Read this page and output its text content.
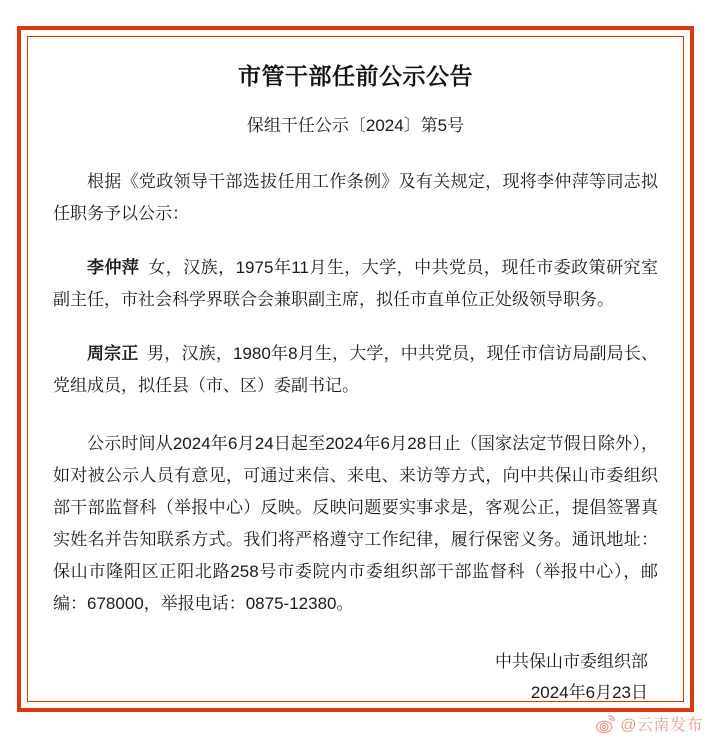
市管干部任前公示公告
保组干任公示〔2024〕第5号

根据《党政领导干部选拔任用工作条例》及有关规定，现将李仲萍等同志拟任职务予以公示：

李仲萍 女，汉族，1975年11月生，大学，中共党员，现任市委政策研究室副主任，市社会科学界联合会兼职副主席，拟任市直单位正处级领导职务。

周宗正 男，汉族，1980年8月生，大学，中共党员，现任市信访局副局长、党组成员，拟任县（市、区）委副书记。

公示时间从2024年6月24日起至2024年6月28日止（国家法定节假日除外），如对被公示人员有意见，可通过来信、来电、来访等方式，向中共保山市委组织部干部监督科（举报中心）反映。反映问题要实事求是，客观公正，提倡签署真实姓名并告知联系方式。我们将严格遵守工作纪律，履行保密义务。通讯地址：保山市隆阳区正阳北路258号市委院内市委组织部干部监督科（举报中心），邮编：678000，举报电话：0875-12380。

中共保山市委组织部
2024年6月23日
@云南发布
